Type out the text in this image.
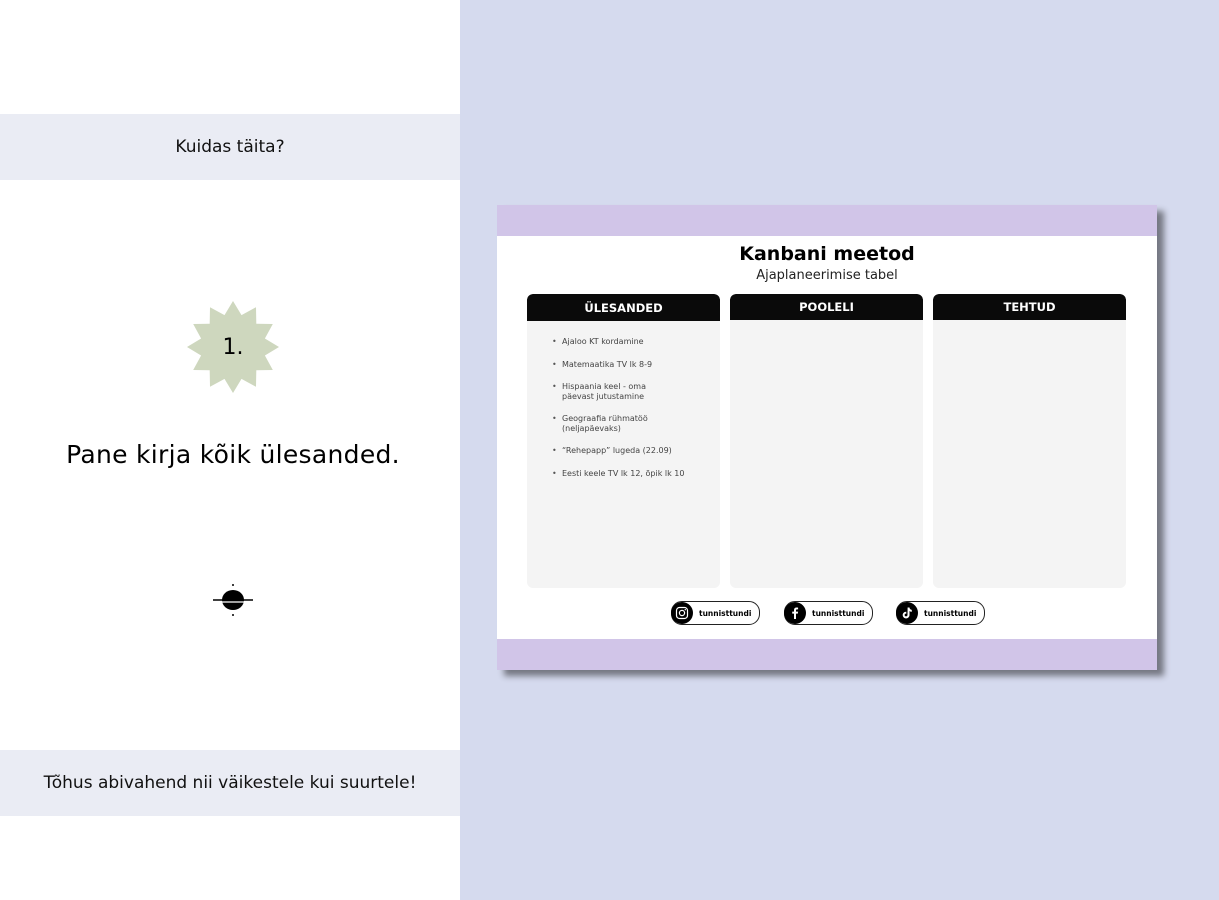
Kuidas täita?
1.
Pane kirja kõik ülesanded.
Tõhus abivahend nii väikestele kui suurtele!
Kanbani meetod
Ajaplaneerimise tabel
ÜLESANDED
• Ajaloo KT kordamine
• Matemaatika TV lk 8-9
• Hispaania keel - oma päevast jutustamine
• Geograafia rühmatöö (neljapäevaks)
• “Rehepapp” lugeda (22.09)
• Eesti keele TV lk 12, õpik lk 10
POOLELI	TEHTUD
tunnisttundi	tunnisttundi	tunnisttundi
